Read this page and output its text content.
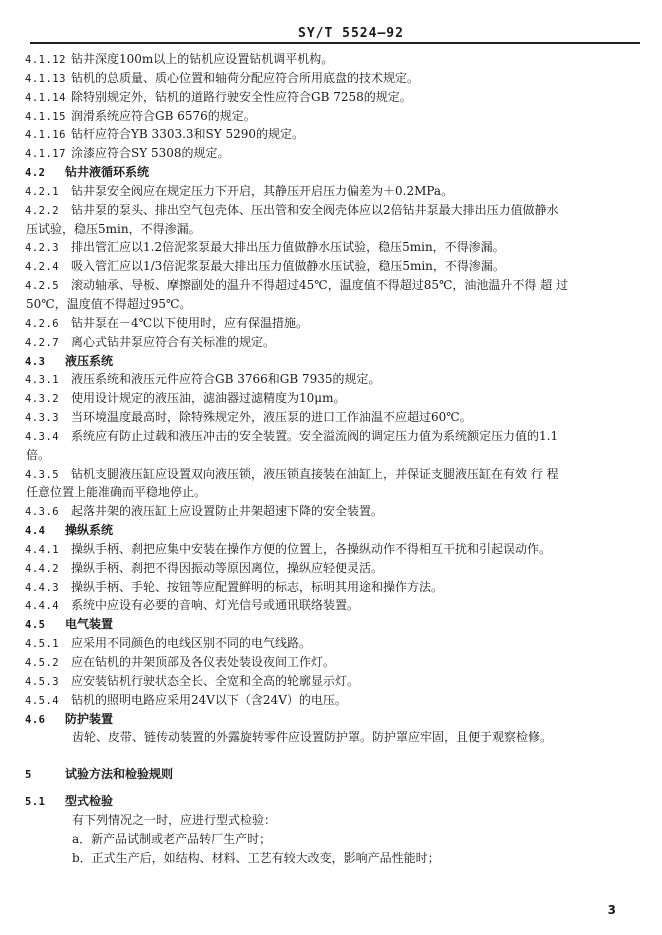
SY/T 5524—92
4.1.12 钻井深度100m以上的钻机应设置钻机调平机构。
4.1.13 钻机的总质量、质心位置和轴荷分配应符合所用底盘的技术规定。
4.1.14 除特别规定外，钻机的道路行驶安全性应符合GB 7258的规定。
4.1.15 润滑系统应符合GB 6576的规定。
4.1.16 钻杆应符合YB 3303.3和SY 5290的规定。
4.1.17 涂漆应符合SY 5308的规定。
4.2 钻井液循环系统
4.2.1 钻井泵安全阀应在规定压力下开启，其静压开启压力偏差为＋0.2MPa。
4.2.2 钻井泵的泵头、排出空气包壳体、压出管和安全阀壳体应以2倍钻井泵最大排出压力值做静水
压试验，稳压5min，不得渗漏。
4.2.3 排出管汇应以1.2倍泥浆泵最大排出压力值做静水压试验，稳压5min，不得渗漏。
4.2.4 吸入管汇应以1/3倍泥浆泵最大排出压力值做静水压试验，稳压5min，不得渗漏。
4.2.5 滚动轴承、导板、摩擦副处的温升不得超过45℃，温度值不得超过85℃，油池温升不得 超 过
50℃，温度值不得超过95℃。
4.2.6 钻井泵在－4℃以下使用时，应有保温措施。
4.2.7 离心式钻井泵应符合有关标准的规定。
4.3 液压系统
4.3.1 液压系统和液压元件应符合GB 3766和GB 7935的规定。
4.3.2 使用设计规定的液压油，滤油器过滤精度为10μm。
4.3.3 当环境温度最高时，除特殊规定外，液压泵的进口工作油温不应超过60℃。
4.3.4 系统应有防止过载和液压冲击的安全装置。安全溢流阀的调定压力值为系统额定压力值的1.1
倍。
4.3.5 钻机支腿液压缸应设置双向液压锁，液压锁直接装在油缸上，并保证支腿液压缸在有效 行 程
任意位置上能准确而平稳地停止。
4.3.6 起落井架的液压缸上应设置防止井架超速下降的安全装置。
4.4 操纵系统
4.4.1 操纵手柄、刹把应集中安装在操作方便的位置上，各操纵动作不得相互干扰和引起误动作。
4.4.2 操纵手柄、刹把不得因振动等原因离位，操纵应轻便灵活。
4.4.3 操纵手柄、手轮、按钮等应配置鲜明的标志，标明其用途和操作方法。
4.4.4 系统中应设有必要的音响、灯光信号或通讯联络装置。
4.5 电气装置
4.5.1 应采用不同颜色的电线区别不同的电气线路。
4.5.2 应在钻机的井架顶部及各仪表处装设夜间工作灯。
4.5.3 应安装钻机行驶状态全长、全宽和全高的轮廓显示灯。
4.5.4 钻机的照明电路应采用24V以下（含24V）的电压。
4.6 防护装置
齿轮、皮带、链传动装置的外露旋转零件应设置防护罩。防护罩应牢固，且便于观察检修。
5	试验方法和检验规则
5.1 型式检验
有下列情况之一时，应进行型式检验：
a．新产品试制或老产品转厂生产时；
b．正式生产后，如结构、材料、工艺有较大改变，影响产品性能时；
3
